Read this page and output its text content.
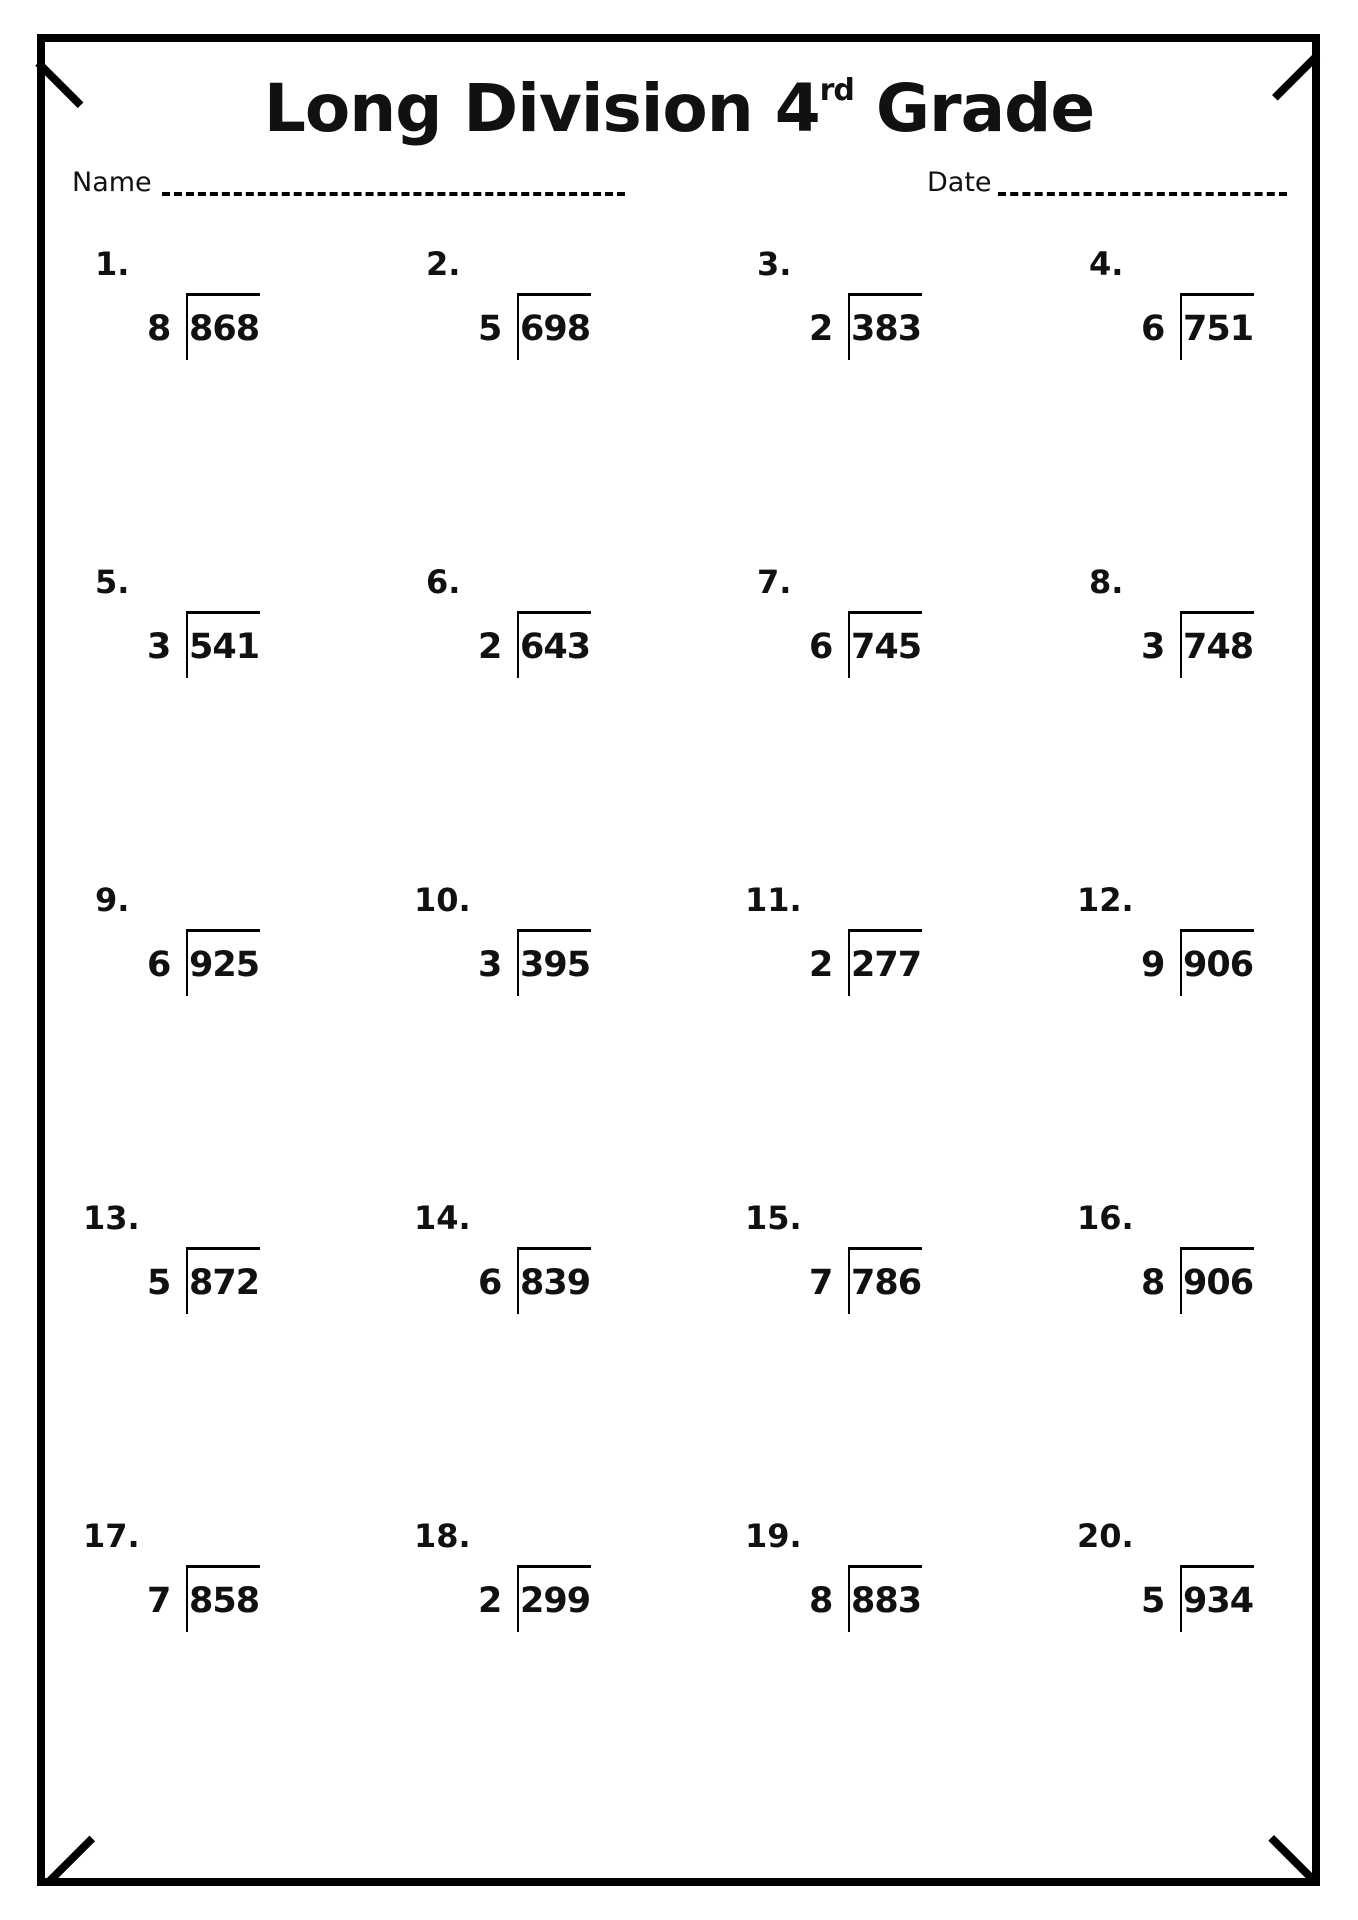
Long Division 4rd Grade
Name	Date
1.
8 868
2.
5 698
3.
2 383
4.
6 751
5.
3 541
6.
2 643
7.
6 745
8.
3 748
9.
6 925
10.
3 395
11.
2 277
12.
9 906
13.
5 872
14.
6 839
15.
7 786
16.
8 906
17.
7 858
18.
2 299
19.
8 883
20.
5 934
